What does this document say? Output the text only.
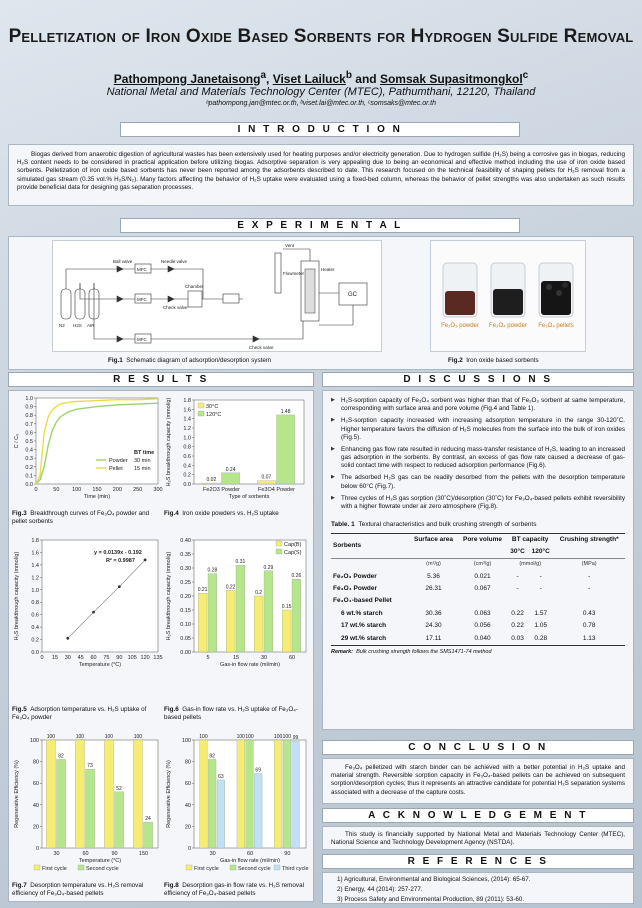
Pelletization of Iron Oxide Based Sorbents for Hydrogen Sulfide Removal
Pathompong Janetaisong$^a$, Viset Lailuck$^b$ and Somsak Supasitmongkol$^c$
National Metal and Materials Technology Center (MTEC), Pathumthani, 12120, Thailand
ᵃpathompong.jan@mtec.or.th, ᵇviset.lai@mtec.or.th, ᶜsomsaks@mtec.or.th
I N T R O D U C T I O N
Biogas derived from anaerobic digestion of agricultural wastes has been extensively used for heating purposes and/or electricity generation. Due to hydrogen sulfide (H₂S) being a corrosive gas in biogas, reducing H₂S content needs to be considered in practical application before utilizing biogas. Adsorptive separation is very appealing due to being an economical and effective method including the use of iron oxide based sorbents. Pelletization of iron oxide based sorbents has never been reported among the adsorbents described to date. This research focused on the technical feasibility of shaping pellets for H₂S removal from a simulated gas stream (0.35 vol.% H₂S/N₂). Many factors affecting the behavior of H₂S uptake were evaluated using a fixed-bed column, whereas the behavior of pellet strengths was also undertaken as such results provide beneficial data for designing gas separation processes.
E X P E R I M E N T A L
N2 H2S AIR
MFC
MFC
MFC
Ball valve	Needle valve
Check valve
Chamber
Heater
Check valve
Flowmeter
GC
Vent
Fig.1 Schematic diagram of adsorption/desorption system
Fe₂O₃ powder	Fe₃O₄ powder	Fe₃O₄ pellets
Fig.2 Iron oxide based sorbents
R E S U L T S
0.0
0.1
0.2
0.3
0.4
0.5
0.6
0.7
0.8
0.9
1.0
C / C₀
0	50 100 150 200 250 300
Time (min)
BT time
Powder 30 min
Pellet 15 min
Fig.3 Breakthrough curves of Fe₃O₄ powder and pellet sorbents
0.0
0.2
0.4
0.6
0.8
1.0
1.2
1.4
1.6
1.8
H₂S breakthrough capacity (mmol/g)	0.02
0.24
Fe2O3 Powder
0.07
1.48
Fe3O4 Powder
Type of sorbents
30°C
120°C
Fig.4 Iron oxide powders vs. H₂S uptake
0.0
0.2
0.4
0.6
0.8
1.0
1.2
1.4
1.6
1.8
H₂S breakthrough capacity (mmol/g)
0 15 30 45 60 75 90 105 120 135
Temperature (°C)
y = 0.0139x - 0.192
R² = 0.9987
Fig.5 Adsorption temperature vs. H₂S uptake of Fe₃O₄ powder
0.00
0.05
0.10
0.15
0.20
0.25
0.30
0.35
0.40
H₂S breakthrough capacity (mmol/g)	0.21
0.28
5
0.22
0.31
15
0.2
0.29
30
0.15
0.26
60
Gas-in flow rate (ml/min)
Cap(B)
Cap(S)
Fig.6 Gas-in flow rate vs. H₂S uptake of Fe₃O₄-based pellets
0
20
40
60
80
100
Regenerative Efficiency (%)
100
82
30
100
73
60
100
52
90
100
24
150
Temperature (°C)
First cycle	Second cycle
Fig.7 Desorption temperature vs. H₂S removal efficiency of Fe₃O₄-based pellets
0
20
40
60
80
100
Regenerative Efficiency (%)
100
82
63
30
100 100
69
60
100 100 99
90
Gas-in flow rate (ml/min)
First cycle	Second cycle Third cycle
Fig.8 Desorption gas-in flow rate vs. H₂S removal efficiency of Fe₃O₄-based pellets
D I S C U S S I O N S
▶ H₂S-sorption capacity of Fe₃O₄ sorbent was higher than that of Fe₂O₃ sorbent at same temperature, corresponding with surface area and pore volume (Fig.4 and Table 1).
▶ H₂S-sorption capacity increased with increasing adsorption temperature in the range 30-120˚C. Higher temperature favors the diffusion of H₂S molecules from the surface into the bulk of iron oxides (Fig.5).
▶ Enhancing gas flow rate resulted in reducing mass-transfer resistance of H₂S, leading to an increased gas adsorption in the sorbents. By contrast, an excess of gas flow rate caused a decrease of gas-solid contact time with respect to reduced adsorption performance (Fig.6).
▶ The adsorbed H₂S gas can be readily desorbed from the pellets with the desorption temperature below 60°C (Fig.7).
▶ Three cycles of H₂S gas sorption (30˚C)/desorption (30˚C) for Fe₃O₄-based pellets exhibit reversibility with a higher flowrate under air zero atmosphere (Fig.8).
Table. 1 Textural characteristics and bulk crushing strength of sorbents
Sorbents	Surface area	Pore volume	BT capacity		Crushing strength*
			30°C	120°C	
	(m²/g)	(cm³/g)	(mmol/g)		(MPa)
Fe₂O₃ Powder	5.36	0.021	-	-	-
Fe₃O₄ Powder	26.31	0.067	-	-	-
Fe₃O₄-based Pellet					
6 wt.% starch	30.36	0.063	0.22	1.57	0.43
17 wt.% starch	24.30	0.056	0.22	1.05	0.78
29 wt.% starch	17.11	0.040	0.03	0.28	1.13
Remark: Bulk crushing strength follows the SMS1471-74 method
C O N C L U S I O N
Fe₃O₄ pelletized with starch binder can be achieved with a better potential in H₂S uptake and material strength. Reversible sorption capacity in Fe₃O₄-based pellets can be achieved on subsequent sorption/desorption cycles; thus it represents an attractive candidate for potential H₂S separation systems associated with a decrease of the capture costs.
A C K N O W L E D G E M E N T
This study is financially supported by National Metal and Materials Technology Center (MTEC), National Science and Technology Development Agency (NSTDA).
R E F E R E N C E S
1) Agricultural, Environmental and Biological Sciences, (2014): 65-67.
2) Energy, 44 (2014): 257-277.
3) Process Safety and Environmental Production, 89 (2011): 53-60.
